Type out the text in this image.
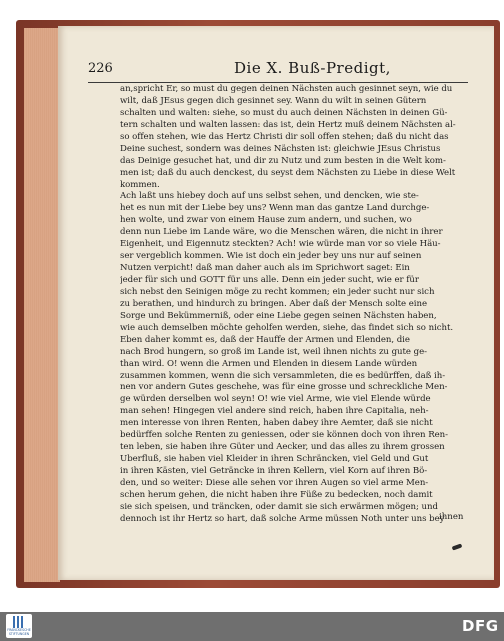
226	Die X. Buß-Predigt,
an,spricht Er, so must du gegen deinen Nächsten auch gesinnet seyn, wie du
wilt, daß JEsus gegen dich gesinnet sey. Wann du wilt in seinen Gütern
schalten und walten: siehe, so must du auch deinen Nächsten in deinen Gü-
tern schalten und walten lassen: das ist, dein Hertz muß deinem Nächsten al-
so offen stehen, wie das Hertz Christi dir soll offen stehen; daß du nicht das
Deine suchest, sondern was deines Nächsten ist: gleichwie JEsus Christus
das Deinige gesuchet hat, und dir zu Nutz und zum besten in die Welt kom-
men ist; daß du auch denckest, du seyst dem Nächsten zu Liebe in diese Welt
kommen.
Ach laßt uns hiebey doch auf uns selbst sehen, und dencken, wie ste-
het es nun mit der Liebe bey uns? Wenn man das gantze Land durchge-
hen wolte, und zwar von einem Hause zum andern, und suchen, wo
denn nun Liebe im Lande wäre, wo die Menschen wären, die nicht in ihrer
Eigenheit, und Eigennutz steckten? Ach! wie würde man vor so viele Häu-
ser vergeblich kommen. Wie ist doch ein jeder bey uns nur auf seinen
Nutzen verpicht! daß man daher auch als im Sprichwort saget: Ein
jeder für sich und GOTT für uns alle. Denn ein jeder sucht, wie er für
sich nebst den Seinigen möge zu recht kommen; ein jeder sucht nur sich
zu berathen, und hindurch zu bringen. Aber daß der Mensch solte eine
Sorge und Bekümmerniß, oder eine Liebe gegen seinen Nächsten haben,
wie auch demselben möchte geholfen werden, siehe, das findet sich so nicht.
Eben daher kommt es, daß der Hauffe der Armen und Elenden, die
nach Brod hungern, so groß im Lande ist, weil ihnen nichts zu gute ge-
than wird. O! wenn die Armen und Elenden in diesem Lande würden
zusammen kommen, wenn die sich versammleten, die es bedürffen, daß ih-
nen vor andern Gutes geschehe, was für eine grosse und schreckliche Men-
ge würden derselben wol seyn! O! wie viel Arme, wie viel Elende würde
man sehen! Hingegen viel andere sind reich, haben ihre Capitalia, neh-
men interesse von ihren Renten, haben dabey ihre Aemter, daß sie nicht
bedürffen solche Renten zu geniessen, oder sie können doch von ihren Ren-
ten leben, sie haben ihre Güter und Aecker, und das alles zu ihrem grossen
Uberfluß, sie haben viel Kleider in ihren Schräncken, viel Geld und Gut
in ihren Kästen, viel Geträncke in ihren Kellern, viel Korn auf ihren Bö-
den, und so weiter: Diese alle sehen vor ihren Augen so viel arme Men-
schen herum gehen, die nicht haben ihre Füße zu bedecken, noch damit
sie sich speisen, und träncken, oder damit sie sich erwärmen mögen; und
dennoch ist ihr Hertz so hart, daß solche Arme müssen Noth unter uns bey
ihnen
FRANCKESCHE STIFTUNGEN	DFG
